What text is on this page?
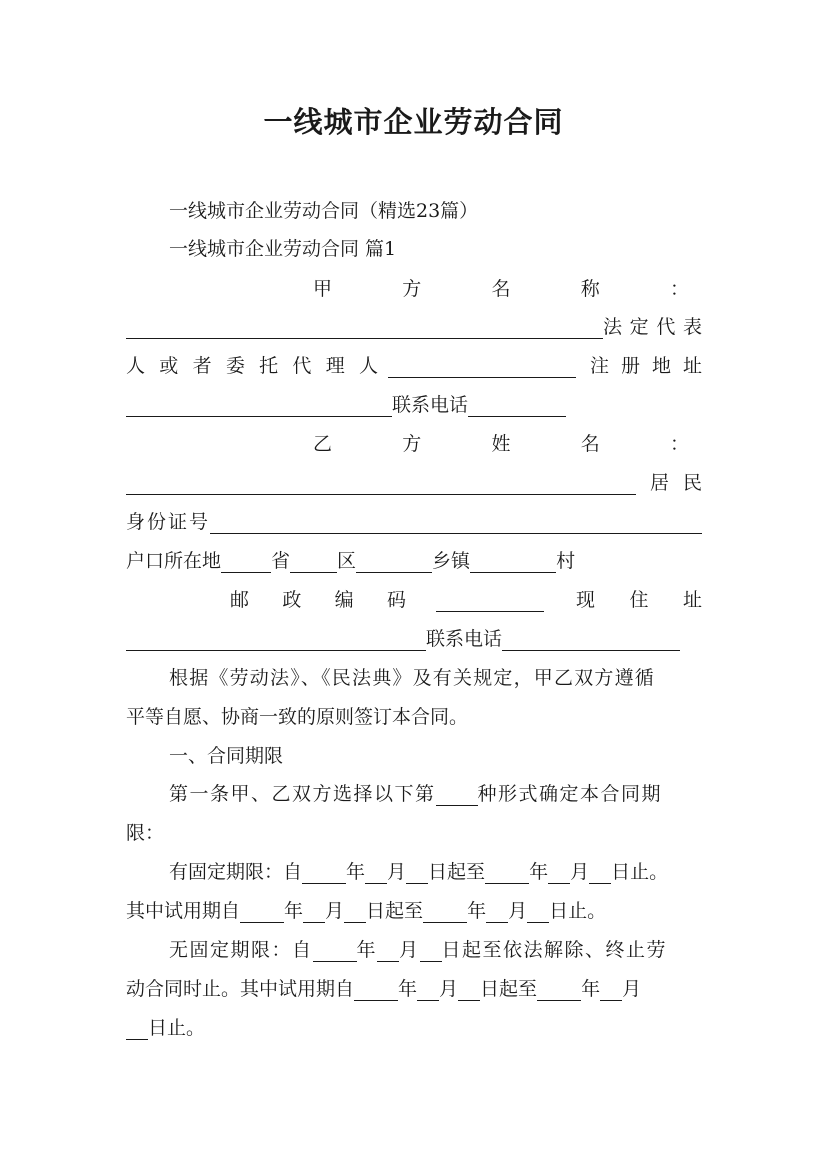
一线城市企业劳动合同
一线城市企业劳动合同（精选23篇）
一线城市企业劳动合同 篇1
甲	方	名	称	：
法 定 代 表
人 或 者 委 托 代 理 人	注 册 地 址
联系电话
乙	方	姓	名	：
居 民
身份证号
户口所在地	省 区	乡镇	村
邮 政 编 码	现 住 址
联系电话
根据《劳动法》、《民法典》及有关规定，甲乙双方遵循
平等自愿、协商一致的原则签订本合同。
一、合同期限
第一条甲、乙双方选择以下第 种形式确定本合同期
限：
有固定期限：自 年 月 日起至 年 月 日止。
其中试用期自 年 月 日起至 年 月 日止。
无固定期限：自 年 月 日起至依法解除、终止劳
动合同时止。其中试用期自 年 月 日起至 年 月
日止。
